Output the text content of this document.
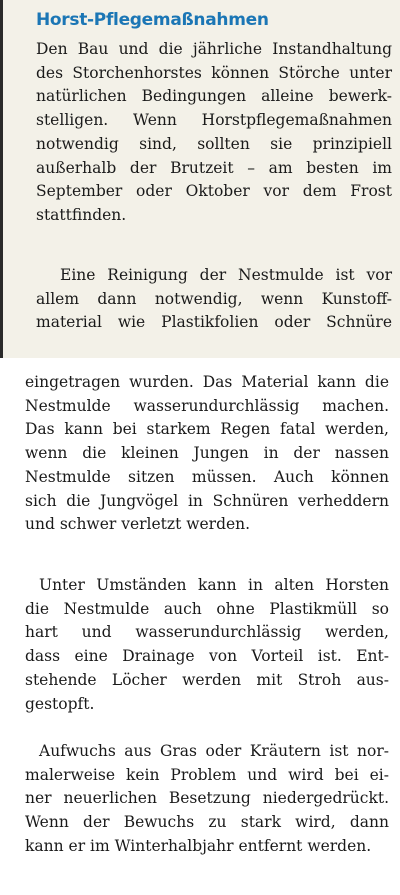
Horst-Pflegemaßnahmen
Den Bau und die jährliche Instandhaltung
des Storchenhorstes können Störche unter
natürlichen Bedingungen alleine bewerk-
stelligen. Wenn Horstpflegemaßnahmen
notwendig sind, sollten sie prinzipiell
außerhalb der Brutzeit – am besten im
September oder Oktober vor dem Frost
stattfinden.
Eine Reinigung der Nestmulde ist vor
allem dann notwendig, wenn Kunstoff-
material wie Plastikfolien oder Schnüre
eingetragen wurden. Das Material kann die
Nestmulde wasserundurchlässig machen.
Das kann bei starkem Regen fatal werden,
wenn die kleinen Jungen in der nassen
Nestmulde sitzen müssen. Auch können
sich die Jungvögel in Schnüren verheddern
und schwer verletzt werden.
Unter Umständen kann in alten Horsten
die Nestmulde auch ohne Plastikmüll so
hart und wasserundurchlässig werden,
dass eine Drainage von Vorteil ist. Ent-
stehende Löcher werden mit Stroh aus-
gestopft.
Aufwuchs aus Gras oder Kräutern ist nor-
malerweise kein Problem und wird bei ei-
ner neuerlichen Besetzung niedergedrückt.
Wenn der Bewuchs zu stark wird, dann
kann er im Winterhalbjahr entfernt werden.
